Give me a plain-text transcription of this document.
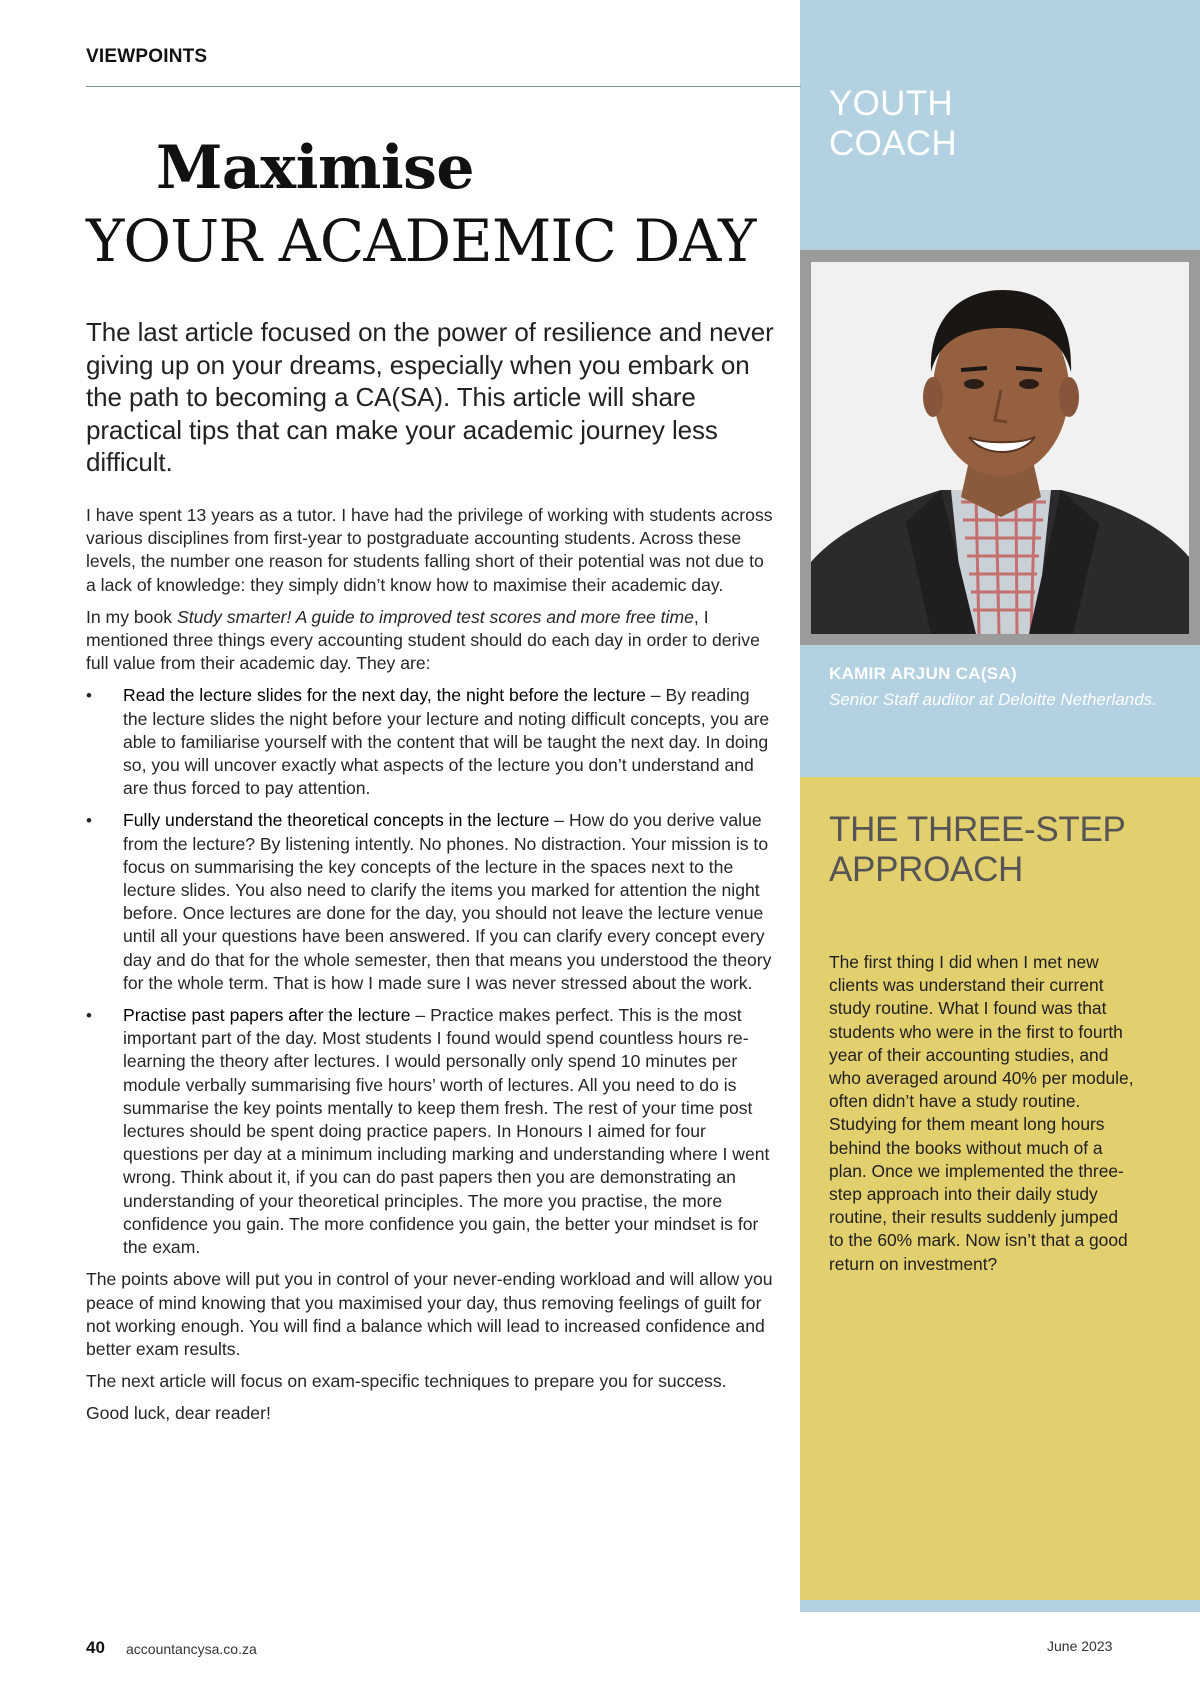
VIEWPOINTS
Maximise
YOUR ACADEMIC DAY
The last article focused on the power of resilience and never giving up on your dreams, especially when you embark on the path to becoming a CA(SA). This article will share practical tips that can make your academic journey less difficult.

I have spent 13 years as a tutor. I have had the privilege of working with students across various disciplines from first-year to postgraduate accounting students. Across these levels, the number one reason for students falling short of their potential was not due to a lack of knowledge: they simply didn’t know how to maximise their academic day.

In my book Study smarter! A guide to improved test scores and more free time, I mentioned three things every accounting student should do each day in order to derive full value from their academic day. They are:

• Read the lecture slides for the next day, the night before the lecture – By reading the lecture slides the night before your lecture and noting difficult concepts, you are able to familiarise yourself with the content that will be taught the next day. In doing so, you will uncover exactly what aspects of the lecture you don’t understand and are thus forced to pay attention.
• Fully understand the theoretical concepts in the lecture – How do you derive value from the lecture? By listening intently. No phones. No distraction. Your mission is to focus on summarising the key concepts of the lecture in the spaces next to the lecture slides. You also need to clarify the items you marked for attention the night before. Once lectures are done for the day, you should not leave the lecture venue until all your questions have been answered. If you can clarify every concept every day and do that for the whole semester, then that means you understood the theory for the whole term. That is how I made sure I was never stressed about the work.
• Practise past papers after the lecture – Practice makes perfect. This is the most important part of the day. Most students I found would spend countless hours re-learning the theory after lectures. I would personally only spend 10 minutes per module verbally summarising five hours’ worth of lectures. All you need to do is summarise the key points mentally to keep them fresh. The rest of your time post lectures should be spent doing practice papers. In Honours I aimed for four questions per day at a minimum including marking and understanding where I went wrong. Think about it, if you can do past papers then you are demonstrating an understanding of your theoretical principles. The more you practise, the more confidence you gain. The more confidence you gain, the better your mindset is for the exam.

The points above will put you in control of your never-ending workload and will allow you peace of mind knowing that you maximised your day, thus removing feelings of guilt for not working enough. You will find a balance which will lead to increased confidence and better exam results.

The next article will focus on exam-specific techniques to prepare you for success.

Good luck, dear reader!

YOUTH
COACH
KAMIR ARJUN CA(SA)
Senior Staff auditor at Deloitte Netherlands.
THE THREE-STEP
APPROACH
The first thing I did when I met new clients was understand their current study routine. What I found was that students who were in the first to fourth year of their accounting studies, and who averaged around 40% per module, often didn’t have a study routine. Studying for them meant long hours behind the books without much of a plan. Once we implemented the three-step approach into their daily study routine, their results suddenly jumped to the 60% mark. Now isn’t that a good return on investment?
40 accountancysa.co.za	June 2023
